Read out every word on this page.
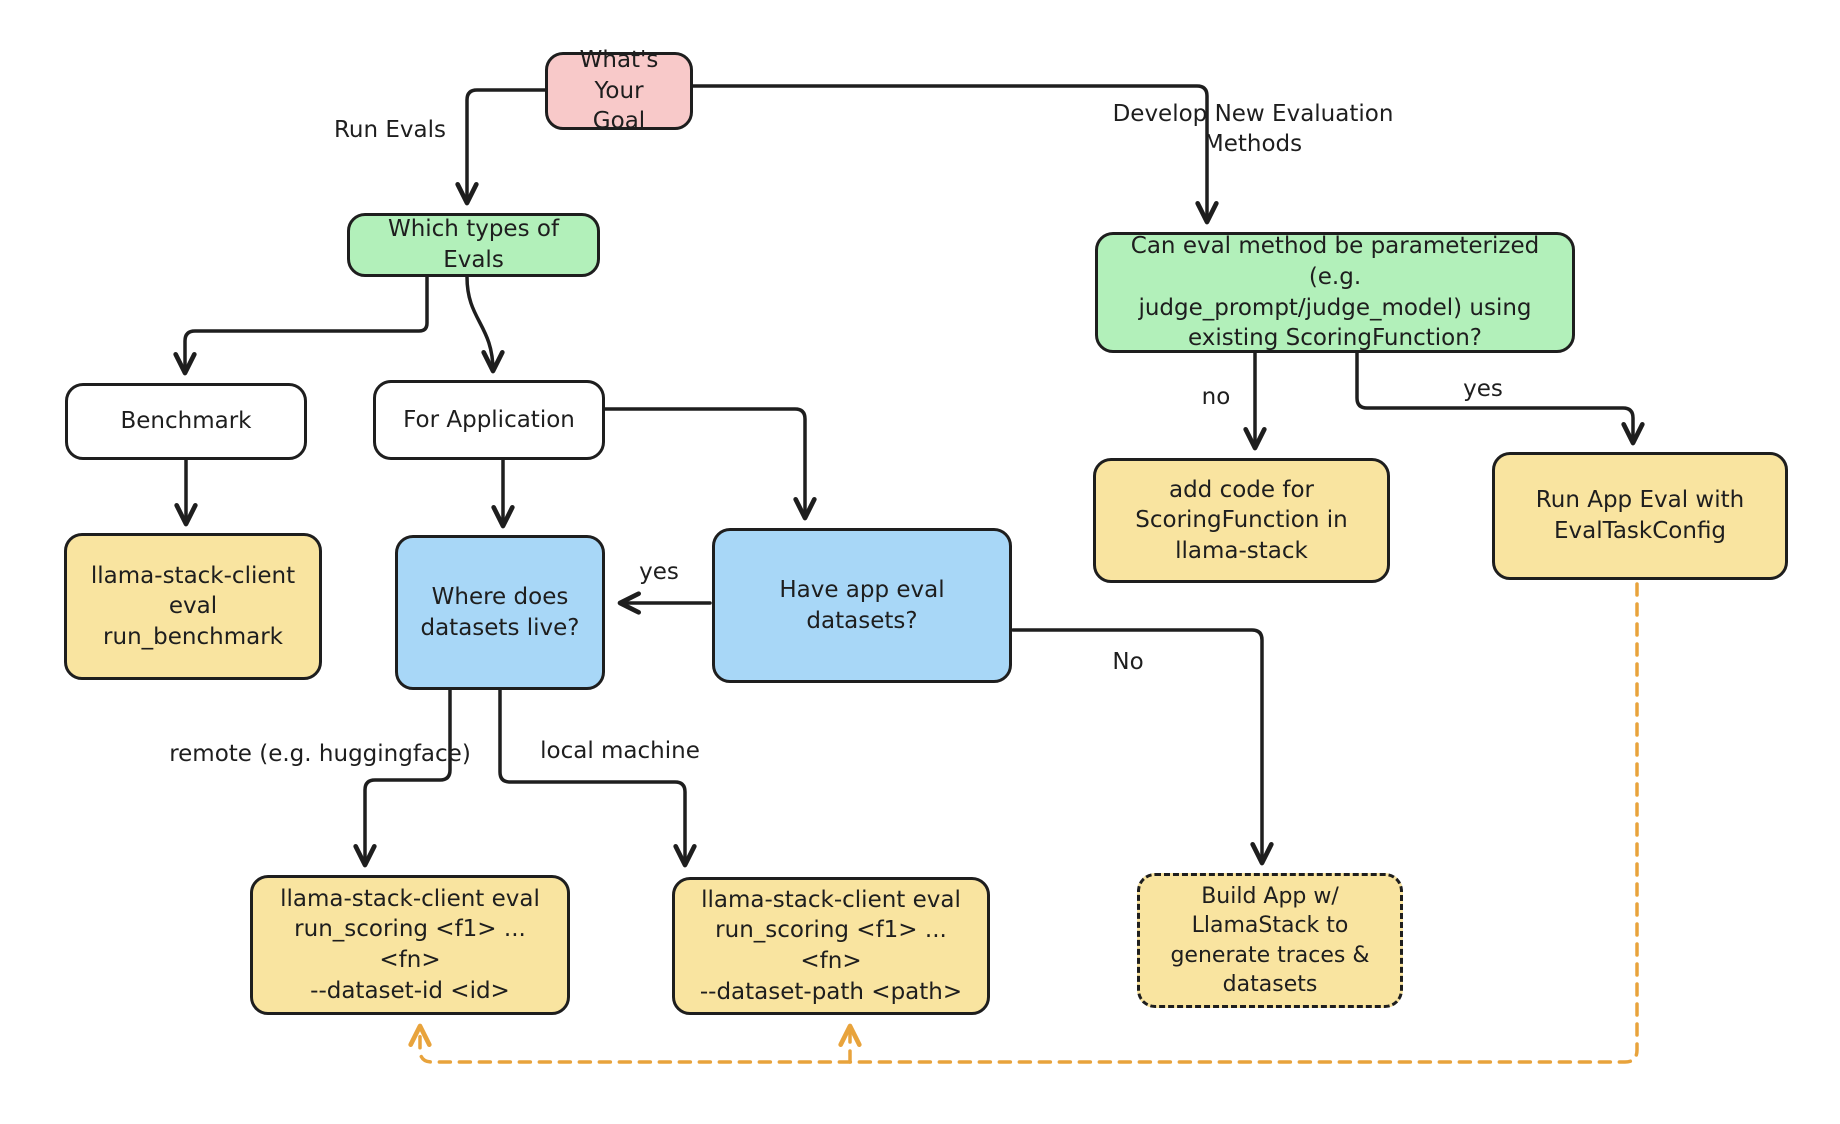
What's Your
Goal
Which types of
Evals
Benchmark	For Application
llama-stack-client
eval run_benchmark
Where does
datasets live?
Have app eval
datasets?
Can eval method be parameterized (e.g.
judge_prompt/judge_model) using
existing ScoringFunction?
add code for
ScoringFunction in
llama-stack
Run App Eval with
EvalTaskConfig
llama-stack-client eval
run_scoring <f1> ... <fn>
--dataset-id <id>
llama-stack-client eval
run_scoring <f1> ... <fn>
--dataset-path <path>
Build App w/
LlamaStack to
generate traces &
datasets
Run Evals
Develop New Evaluation
Methods
no	yes
yes
No
remote (e.g. huggingface)	local machine
